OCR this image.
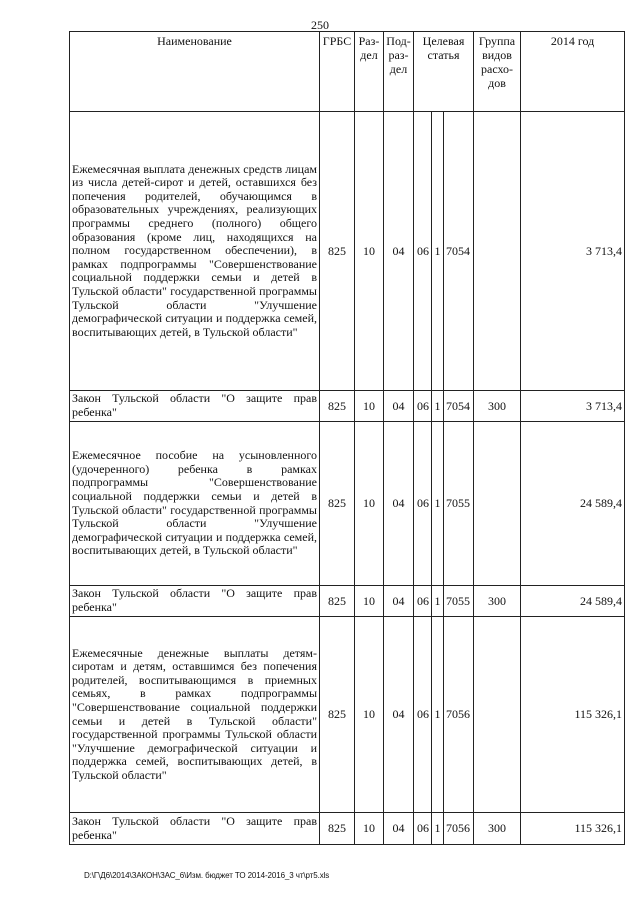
250
Наименование	ГРБС	Раз-дел	Под-раз-дел	Целевая статья			Группа видов расхо-дов	2014 год
Ежемесячная выплата денежных средств лицам из числа детей-сирот и детей, оставшихся без попечения родителей, обучающимся в образовательных учреждениях, реализующих программы среднего (полного) общего образования (кроме лиц, находящихся на полном государственном обеспечении), в рамках подпрограммы "Совершенствование социальной поддержки семьи и детей в Тульской области" государственной программы Тульской области "Улучшение демографической ситуации и поддержка семей, воспитывающих детей, в Тульской области"	825	10	04	06	1	7054		3 713,4
Закон Тульской области "О защите прав ребенка"	825	10	04	06	1	7054	300	3 713,4
Ежемесячное пособие на усыновленного (удочеренного) ребенка в рамках подпрограммы "Совершенствование социальной поддержки семьи и детей в Тульской области" государственной программы Тульской области "Улучшение демографической ситуации и поддержка семей, воспитывающих детей, в Тульской области"	825	10	04	06	1	7055		24 589,4
Закон Тульской области "О защите прав ребенка"	825	10	04	06	1	7055	300	24 589,4
Ежемесячные денежные выплаты детям-сиротам и детям, оставшимся без попечения родителей, воспитывающимся в приемных семьях, в рамках подпрограммы "Совершенствование социальной поддержки семьи и детей в Тульской области" государственной программы Тульской области "Улучшение демографической ситуации и поддержка семей, воспитывающих детей, в Тульской области"	825	10	04	06	1	7056		115 326,1
Закон Тульской области "О защите прав ребенка"	825	10	04	06	1	7056	300	115 326,1
D:\Г\Д6\2014\ЗАКОН\ЗАС_6\Изм. бюджет ТО 2014-2016_3 чт\рт5.xls
